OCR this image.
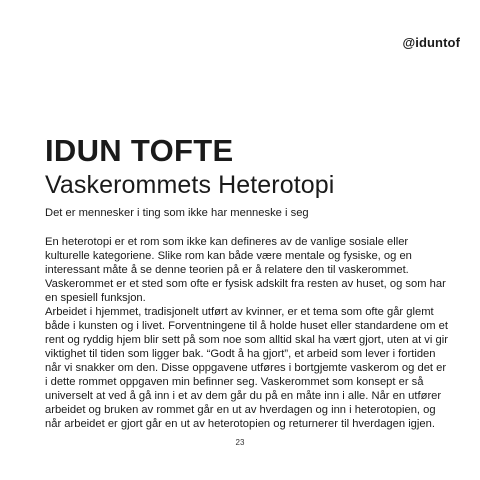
@iduntof
IDUN TOFTE
Vaskerommets Heterotopi

Det er mennesker i ting som ikke har menneske i seg

En heterotopi er et rom som ikke kan defineres av de vanlige sosiale eller kulturelle kategoriene. Slike rom kan både være mentale og fysiske, og en interessant måte å se denne teorien på er å relatere den til vaskerommet. Vaskerommet er et sted som ofte er fysisk adskilt fra resten av huset, og som har en spesiell funksjon.

Arbeidet i hjemmet, tradisjonelt utført av kvinner, er et tema som ofte går glemt både i kunsten og i livet. Forventningene til å holde huset eller standardene om et rent og ryddig hjem blir sett på som noe som alltid skal ha vært gjort, uten at vi gir viktighet til tiden som ligger bak. “Godt å ha gjort”, et arbeid som lever i fortiden når vi snakker om den. Disse oppgavene utføres i bortgjemte vaskerom og det er i dette rommet oppgaven min befinner seg. Vaskerommet som konsept er så universelt at ved å gå inn i et av dem går du på en måte inn i alle. Når en utfører arbeidet og bruken av rommet går en ut av hverdagen og inn i heterotopien, og når arbeidet er gjort går en ut av heterotopien og returnerer til hverdagen igjen.

23
